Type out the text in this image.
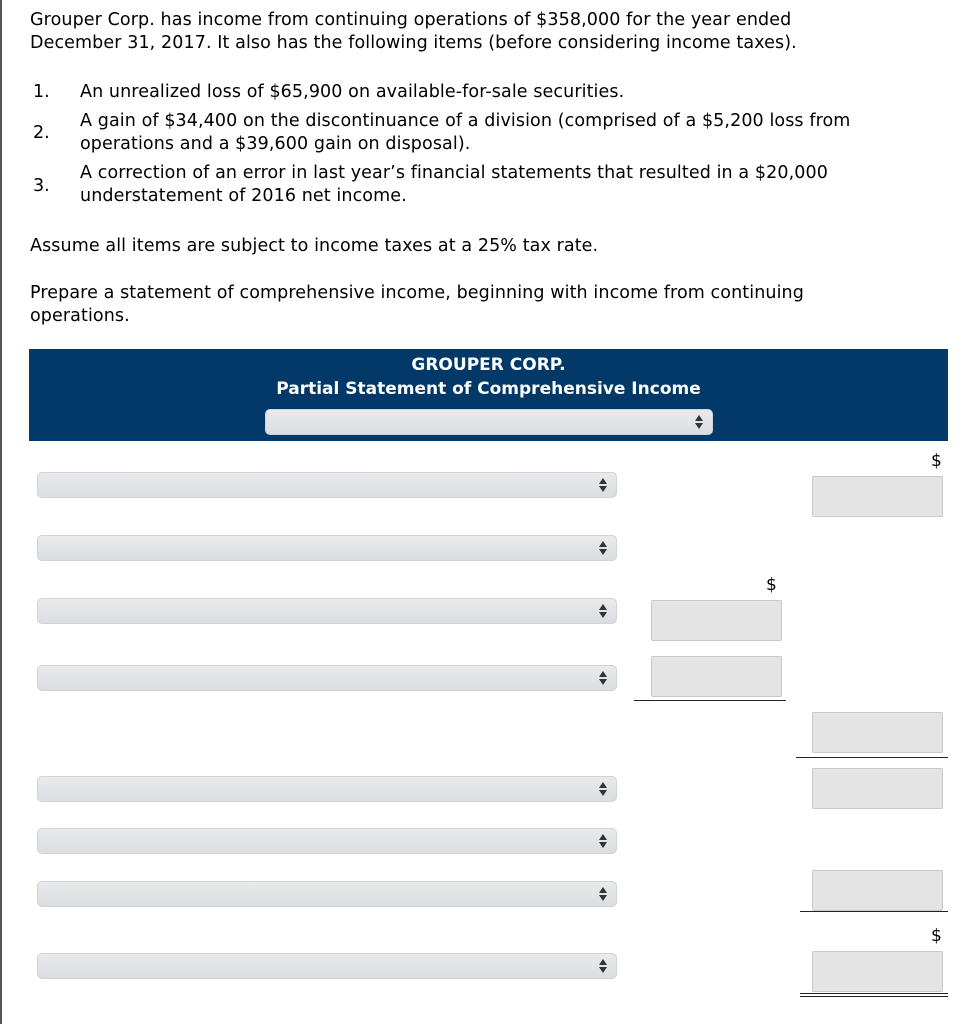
Grouper Corp. has income from continuing operations of $358,000 for the year ended
December 31, 2017. It also has the following items (before considering income taxes).
1. An unrealized loss of $65,900 on available-for-sale securities.
2.
A gain of $34,400 on the discontinuance of a division (comprised of a $5,200 loss from
operations and a $39,600 gain on disposal).
3.
A correction of an error in last year’s financial statements that resulted in a $20,000
understatement of 2016 net income.
Assume all items are subject to income taxes at a 25% tax rate.
Prepare a statement of comprehensive income, beginning with income from continuing
operations.
GROUPER CORP.
Partial Statement of Comprehensive Income
$
$
$
